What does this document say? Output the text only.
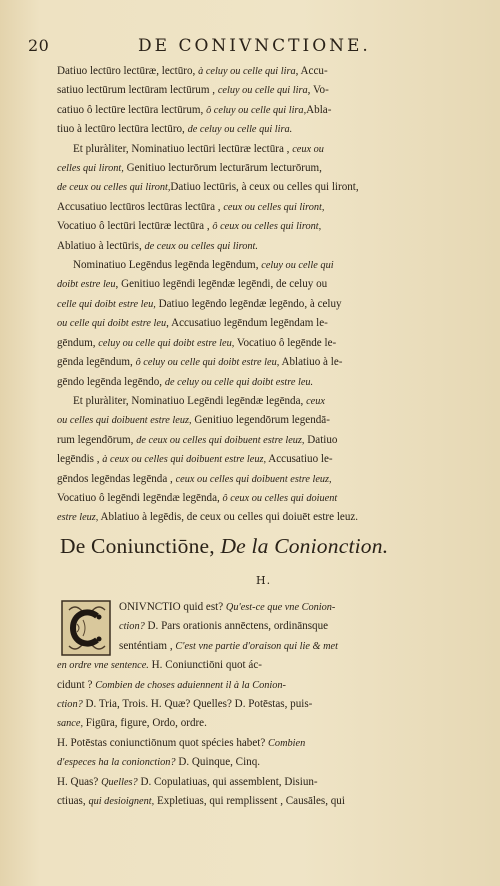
20	DE CONIVNCTIONE.
Datiuo lectūro lectūræ, lectūro, à celuy ou celle qui lira, Accu-
satiuo lectūrum lectūram lectūrum , celuy ou celle qui lira, Vo-
catiuo ô lectūre lectūra lectūrum, ô celuy ou celle qui lira,Abla-
tiuo à lectūro lectūra lectūro, de celuy ou celle qui lira.
Et pluràliter, Nominatiuo lectūri lectūræ lectūra , ceux ou
celles qui liront, Genitiuo lecturōrum lecturārum lecturōrum,
de ceux ou celles qui liront,Datiuo lectūris, à ceux ou celles qui liront,
Accusatiuo lectūros lectūras lectūra , ceux ou celles qui liront,
Vocatiuo ô lectūri lectūræ lectūra , ô ceux ou celles qui liront,
Ablatiuo à lectūris, de ceux ou celles qui liront.
Nominatiuo Legēndus legēnda legēndum, celuy ou celle qui
doibt estre leu, Genitiuo legēndi legēndæ legēndi, de celuy ou
celle qui doibt estre leu, Datiuo legēndo legēndæ legēndo, à celuy
ou celle qui doibt estre leu, Accusatiuo legēndum legēndam le-
gēndum, celuy ou celle qui doibt estre leu, Vocatiuo ô legēnde le-
gēnda legēndum, ô celuy ou celle qui doibt estre leu, Ablatiuo à le-
gēndo legēnda legēndo, de celuy ou celle qui doibt estre leu.
Et pluràliter, Nominatiuo Legēndi legēndæ legēnda, ceux
ou celles qui doibuent estre leuz, Genitiuo legendōrum legendā-
rum legendōrum, de ceux ou celles qui doibuent estre leuz, Datiuo
legēndis , à ceux ou celles qui doibuent estre leuz, Accusatiuo le-
gēndos legēndas legēnda , ceux ou celles qui doibuent estre leuz,
Vocatiuo ô legēndi legēndæ legēnda, ô ceux ou celles qui doiuent
estre leuz, Ablatiuo à legēdis, de ceux ou celles qui doiuēt estre leuz.
De Coniunctiōne, De la Conionction.
H.
ONIVNCTIO quid est? Qu'est-ce que vne Conion-
ction? D. Pars orationis annēctens, ordinānsque
senténtiam , C'est vne partie d'oraison qui lie & met
en ordre vne sentence. H. Coniunctiōni quot ác-
cidunt ? Combien de choses aduiennent il à la Conion-
ction? D. Tria, Trois. H. Quæ? Quelles? D. Potēstas, puis-
sance, Figūra, figure, Ordo, ordre.
H. Potēstas coniunctiōnum quot spécies habet? Combien
d'especes ha la conionction? D. Quinque, Cinq.
H. Quas? Quelles? D. Copulatiuas, qui assemblent, Disiun-
ctiuas, qui desioignent, Expletiuas, qui remplissent , Causāles, qui
